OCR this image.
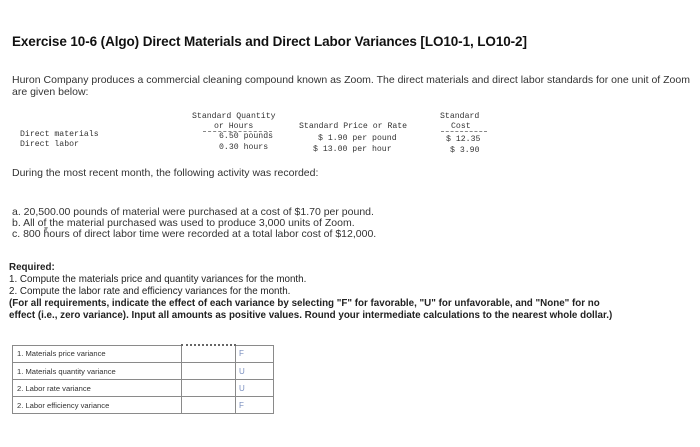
Exercise 10-6 (Algo) Direct Materials and Direct Labor Variances [LO10-1, LO10-2]
Huron Company produces a commercial cleaning compound known as Zoom. The direct materials and direct labor standards for one unit of Zoom are given below:
Standard Quantity
or Hours	Standard Price or Rate
Standard
Cost
Direct materials	6.50 pounds	$ 1.90 per pound	$ 12.35
Direct labor	0.30 hours	$ 13.00 per hour	$ 3.90
During the most recent month, the following activity was recorded:
a. 20,500.00 pounds of material were purchased at a cost of $1.70 per pound.
b. All of the material purchased was used to produce 3,000 units of Zoom.
c. 800 hours of direct labor time were recorded at a total labor cost of $12,000.
Required:
1. Compute the materials price and quantity variances for the month.
2. Compute the labor rate and efficiency variances for the month.
(For all requirements, indicate the effect of each variance by selecting "F" for favorable, "U" for unfavorable, and "None" for no
effect (i.e., zero variance). Input all amounts as positive values. Round your intermediate calculations to the nearest whole dollar.)
1. Materials price variance		F
1. Materials quantity variance		U
2. Labor rate variance		U
2. Labor efficiency variance		F
